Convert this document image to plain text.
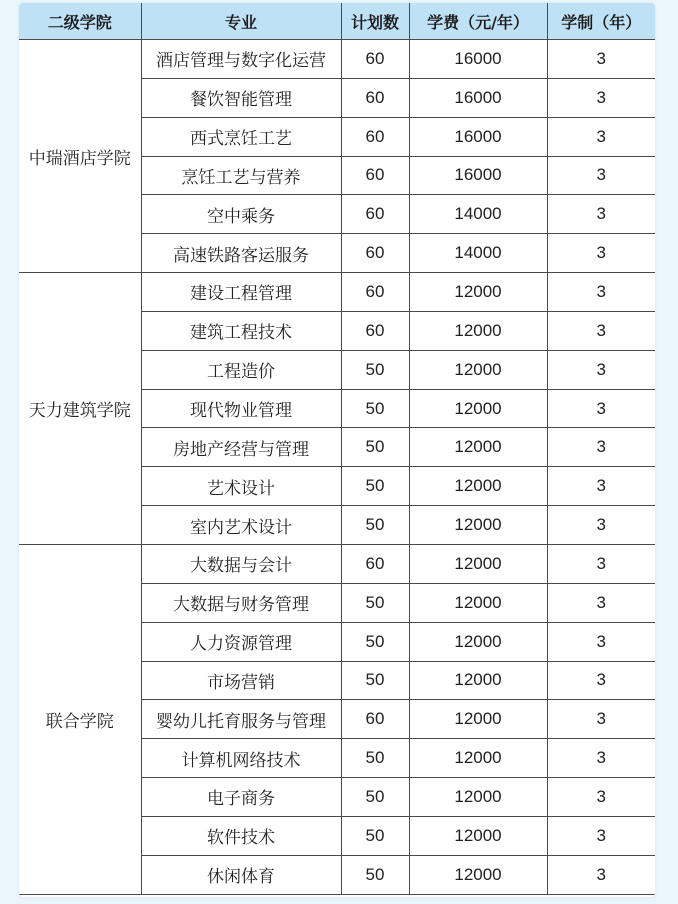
二级学院	专业	计划数	学费（元/年）	学制（年）
中瑞酒店学院	酒店管理与数字化运营	60	16000	3
	餐饮智能管理	60	16000	3
	西式烹饪工艺	60	16000	3
	烹饪工艺与营养	60	16000	3
	空中乘务	60	14000	3
	高速铁路客运服务	60	14000	3
天力建筑学院	建设工程管理	60	12000	3
	建筑工程技术	60	12000	3
	工程造价	50	12000	3
	现代物业管理	50	12000	3
	房地产经营与管理	50	12000	3
	艺术设计	50	12000	3
	室内艺术设计	50	12000	3
联合学院	大数据与会计	60	12000	3
	大数据与财务管理	50	12000	3
	人力资源管理	50	12000	3
	市场营销	50	12000	3
	婴幼儿托育服务与管理	60	12000	3
	计算机网络技术	50	12000	3
	电子商务	50	12000	3
	软件技术	50	12000	3
	休闲体育	50	12000	3
